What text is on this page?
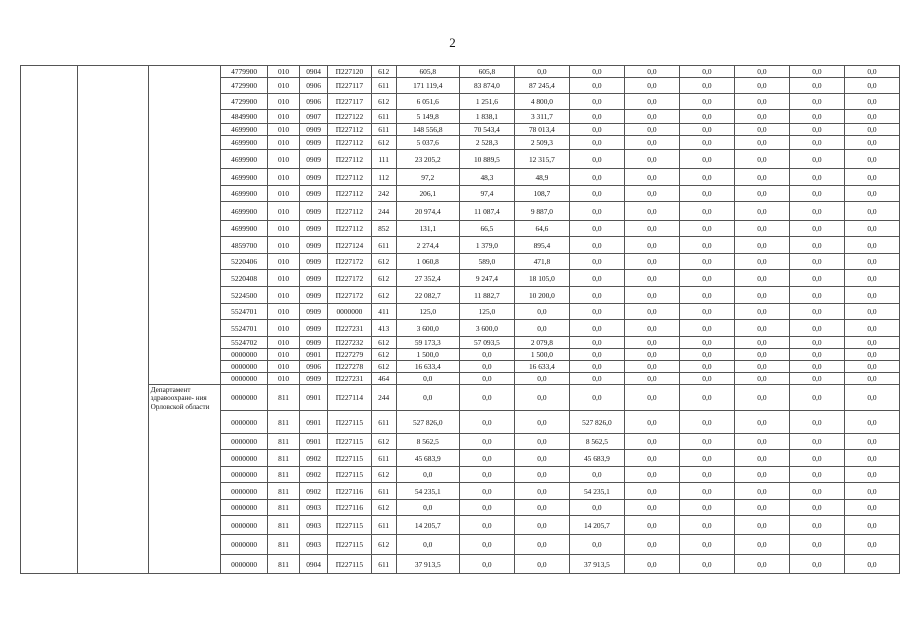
2
			4779900	010	0904	П227120	612	605,8	605,8	0,0	0,0	0,0	0,0	0,0	0,0	0,0
			4729900	010	0906	П227117	611	171 119,4	83 874,0	87 245,4	0,0	0,0	0,0	0,0	0,0	0,0
			4729900	010	0906	П227117	612	6 051,6	1 251,6	4 800,0	0,0	0,0	0,0	0,0	0,0	0,0
			4849900	010	0907	П227122	611	5 149,8	1 838,1	3 311,7	0,0	0,0	0,0	0,0	0,0	0,0
			4699900	010	0909	П227112	611	148 556,8	70 543,4	78 013,4	0,0	0,0	0,0	0,0	0,0	0,0
			4699900	010	0909	П227112	612	5 037,6	2 528,3	2 509,3	0,0	0,0	0,0	0,0	0,0	0,0
			4699900	010	0909	П227112	111	23 205,2	10 889,5	12 315,7	0,0	0,0	0,0	0,0	0,0	0,0
			4699900	010	0909	П227112	112	97,2	48,3	48,9	0,0	0,0	0,0	0,0	0,0	0,0
			4699900	010	0909	П227112	242	206,1	97,4	108,7	0,0	0,0	0,0	0,0	0,0	0,0
			4699900	010	0909	П227112	244	20 974,4	11 087,4	9 887,0	0,0	0,0	0,0	0,0	0,0	0,0
			4699900	010	0909	П227112	852	131,1	66,5	64,6	0,0	0,0	0,0	0,0	0,0	0,0
			4859700	010	0909	П227124	611	2 274,4	1 379,0	895,4	0,0	0,0	0,0	0,0	0,0	0,0
			5220406	010	0909	П227172	612	1 060,8	589,0	471,8	0,0	0,0	0,0	0,0	0,0	0,0
			5220408	010	0909	П227172	612	27 352,4	9 247,4	18 105,0	0,0	0,0	0,0	0,0	0,0	0,0
			5224500	010	0909	П227172	612	22 082,7	11 882,7	10 200,0	0,0	0,0	0,0	0,0	0,0	0,0
			5524701	010	0909	0000000	411	125,0	125,0	0,0	0,0	0,0	0,0	0,0	0,0	0,0
			5524701	010	0909	П227231	413	3 600,0	3 600,0	0,0	0,0	0,0	0,0	0,0	0,0	0,0
			5524702	010	0909	П227232	612	59 173,3	57 093,5	2 079,8	0,0	0,0	0,0	0,0	0,0	0,0
			0000000	010	0901	П227279	612	1 500,0	0,0	1 500,0	0,0	0,0	0,0	0,0	0,0	0,0
			0000000	010	0906	П227278	612	16 633,4	0,0	16 633,4	0,0	0,0	0,0	0,0	0,0	0,0
			0000000	010	0909	П227231	464	0,0	0,0	0,0	0,0	0,0	0,0	0,0	0,0	0,0
		Департамент здравоохране- ния Орловской области	0000000	811	0901	П227114	244	0,0	0,0	0,0	0,0	0,0	0,0	0,0	0,0	0,0
			0000000	811	0901	П227115	611	527 826,0	0,0	0,0	527 826,0	0,0	0,0	0,0	0,0	0,0
			0000000	811	0901	П227115	612	8 562,5	0,0	0,0	8 562,5	0,0	0,0	0,0	0,0	0,0
			0000000	811	0902	П227115	611	45 683,9	0,0	0,0	45 683,9	0,0	0,0	0,0	0,0	0,0
			0000000	811	0902	П227115	612	0,0	0,0	0,0	0,0	0,0	0,0	0,0	0,0	0,0
			0000000	811	0902	П227116	611	54 235,1	0,0	0,0	54 235,1	0,0	0,0	0,0	0,0	0,0
			0000000	811	0903	П227116	612	0,0	0,0	0,0	0,0	0,0	0,0	0,0	0,0	0,0
			0000000	811	0903	П227115	611	14 205,7	0,0	0,0	14 205,7	0,0	0,0	0,0	0,0	0,0
			0000000	811	0903	П227115	612	0,0	0,0	0,0	0,0	0,0	0,0	0,0	0,0	0,0
			0000000	811	0904	П227115	611	37 913,5	0,0	0,0	37 913,5	0,0	0,0	0,0	0,0	0,0
